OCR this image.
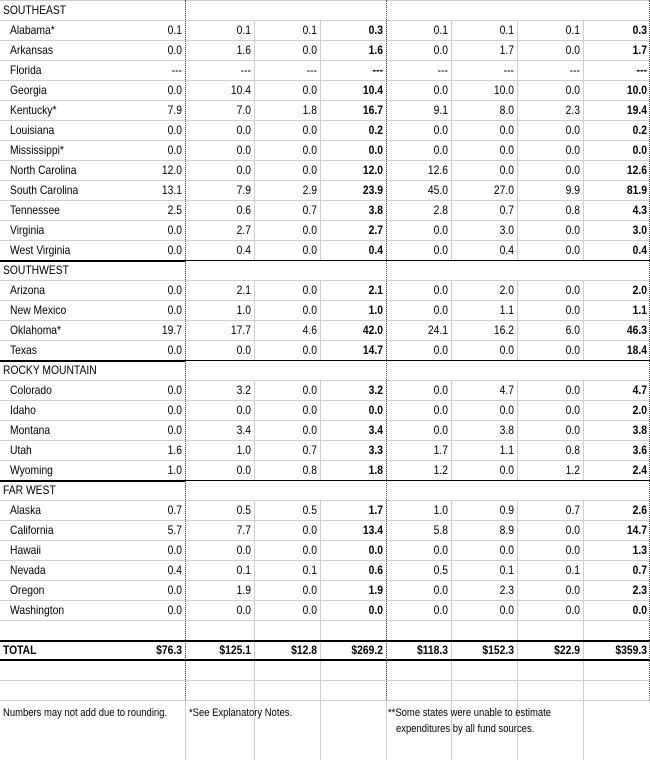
SOUTHEAST
Alabama*	0.1	0.1	0.1	0.3	0.1	0.1	0.1	0.3
Arkansas	0.0	1.6	0.0	1.6	0.0	1.7	0.0	1.7
Florida	---	---	---	---	---	---	---	---
Georgia	0.0	10.4	0.0	10.4	0.0	10.0	0.0	10.0
Kentucky*	7.9	7.0	1.8	16.7	9.1	8.0	2.3	19.4
Louisiana	0.0	0.0	0.0	0.2	0.0	0.0	0.0	0.2
Mississippi*	0.0	0.0	0.0	0.0	0.0	0.0	0.0	0.0
North Carolina	12.0	0.0	0.0	12.0	12.6	0.0	0.0	12.6
South Carolina	13.1	7.9	2.9	23.9	45.0	27.0	9.9	81.9
Tennessee	2.5	0.6	0.7	3.8	2.8	0.7	0.8	4.3
Virginia	0.0	2.7	0.0	2.7	0.0	3.0	0.0	3.0
West Virginia	0.0	0.4	0.0	0.4	0.0	0.4	0.0	0.4
SOUTHWEST
Arizona	0.0	2.1	0.0	2.1	0.0	2.0	0.0	2.0
New Mexico	0.0	1.0	0.0	1.0	0.0	1.1	0.0	1.1
Oklahoma*	19.7	17.7	4.6	42.0	24.1	16.2	6.0	46.3
Texas	0.0	0.0	0.0	14.7	0.0	0.0	0.0	18.4
ROCKY MOUNTAIN
Colorado	0.0	3.2	0.0	3.2	0.0	4.7	0.0	4.7
Idaho	0.0	0.0	0.0	0.0	0.0	0.0	0.0	2.0
Montana	0.0	3.4	0.0	3.4	0.0	3.8	0.0	3.8
Utah	1.6	1.0	0.7	3.3	1.7	1.1	0.8	3.6
Wyoming	1.0	0.0	0.8	1.8	1.2	0.0	1.2	2.4
FAR WEST
Alaska	0.7	0.5	0.5	1.7	1.0	0.9	0.7	2.6
California	5.7	7.7	0.0	13.4	5.8	8.9	0.0	14.7
Hawaii	0.0	0.0	0.0	0.0	0.0	0.0	0.0	1.3
Nevada	0.4	0.1	0.1	0.6	0.5	0.1	0.1	0.7
Oregon	0.0	1.9	0.0	1.9	0.0	2.3	0.0	2.3
Washington	0.0	0.0	0.0	0.0	0.0	0.0	0.0	0.0
TOTAL	$76.3	$125.1	$12.8	$269.2	$118.3	$152.3	$22.9	$359.3
Numbers may not add due to rounding. *See Explanatory Notes.	**Some states were unable to estimate
expenditures by all fund sources.
